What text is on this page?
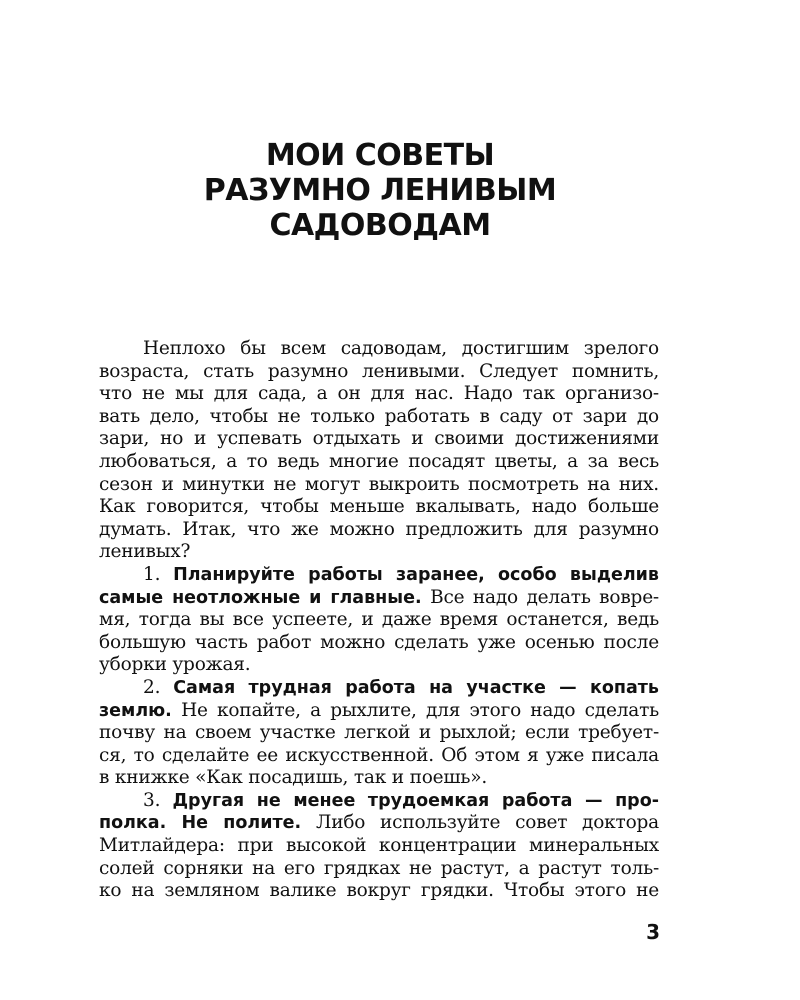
МОИ СОВЕТЫ
РАЗУМНО ЛЕНИВЫМ
САДОВОДАМ
Неплохо бы всем садоводам, достигшим зрелого
возраста, стать разумно ленивыми. Следует помнить,
что не мы для сада, а он для нас. Надо так организо-
вать дело, чтобы не только работать в саду от зари до
зари, но и успевать отдыхать и своими достижениями
любоваться, а то ведь многие посадят цветы, а за весь
сезон и минутки не могут выкроить посмотреть на них.
Как говорится, чтобы меньше вкалывать, надо больше
думать. Итак, что же можно предложить для разумно
ленивых?
1. Планируйте работы заранее, особо выделив
самые неотложные и главные. Все надо делать вовре-
мя, тогда вы все успеете, и даже время останется, ведь
большую часть работ можно сделать уже осенью после
уборки урожая.
2. Самая трудная работа на участке — копать
землю. Не копайте, а рыхлите, для этого надо сделать
почву на своем участке легкой и рыхлой; если требует-
ся, то сделайте ее искусственной. Об этом я уже писала
в книжке «Как посадишь, так и поешь».
3. Другая не менее трудоемкая работа — про-
полка. Не полите. Либо используйте совет доктора
Митлайдера: при высокой концентрации минеральных
солей сорняки на его грядках не растут, а растут толь-
ко на земляном валике вокруг грядки. Чтобы этого не
3
